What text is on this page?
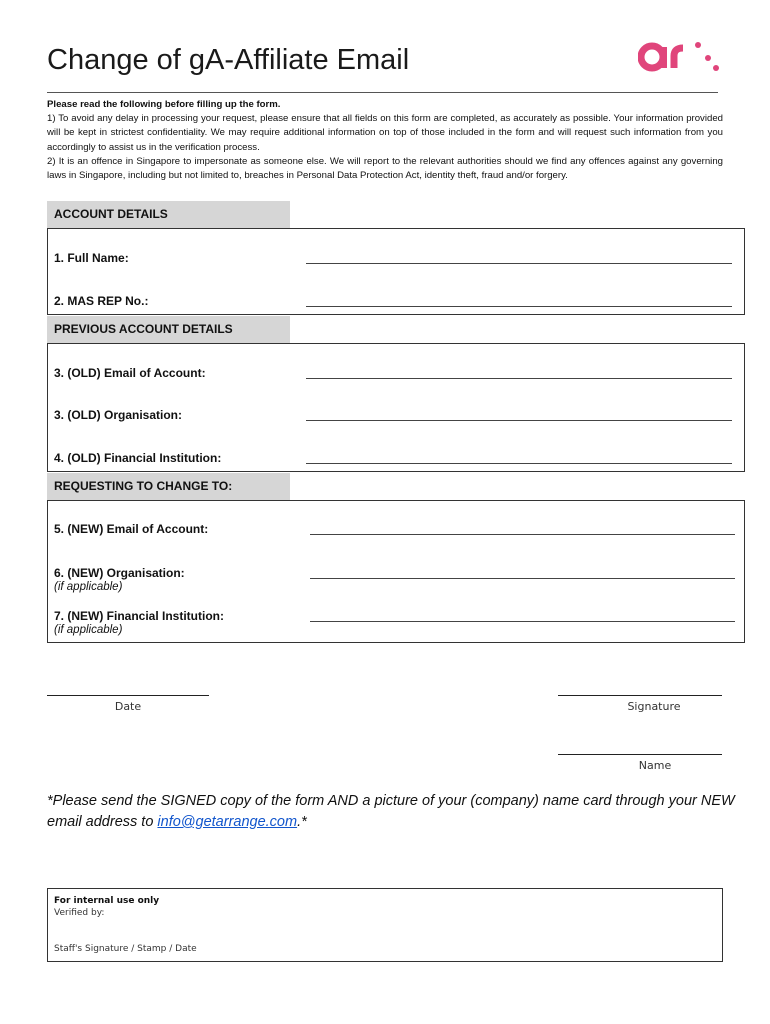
Change of gA-Affiliate Email

Please read the following before filling up the form.

1) To avoid any delay in processing your request, please ensure that all fields on this form are completed, as accurately as possible. Your information provided will be kept in strictest confidentiality. We may require additional information on top of those included in the form and will request such information from you accordingly to assist us in the verification process.

2) It is an offence in Singapore to impersonate as someone else. We will report to the relevant authorities should we find any offences against any governing laws in Singapore, including but not limited to, breaches in Personal Data Protection Act, identity theft, fraud and/or forgery.

ACCOUNT DETAILS
1. Full Name:
2. MAS REP No.:
PREVIOUS ACCOUNT DETAILS
3. (OLD) Email of Account:
3. (OLD) Organisation:
4. (OLD) Financial Institution:
REQUESTING TO CHANGE TO:
5. (NEW) Email of Account:
6. (NEW) Organisation:
(if applicable)
7. (NEW) Financial Institution:
(if applicable)
Date	Signature
Name
*Please send the SIGNED copy of the form AND a picture of your (company) name card through your NEW email address to info@getarrange.com.*
For internal use only
Verified by:
Staff's Signature / Stamp / Date
